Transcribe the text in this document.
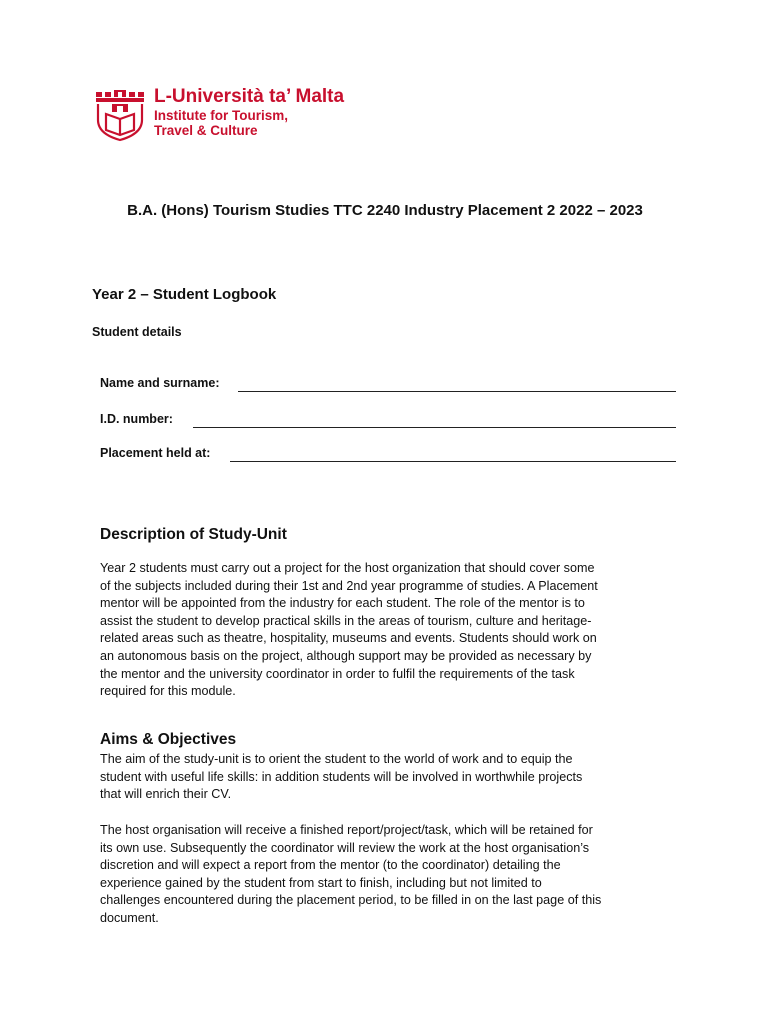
L-Università ta’ Malta
Institute for Tourism,
Travel & Culture
B.A. (Hons) Tourism Studies TTC 2240 Industry Placement 2 2022 – 2023
Year 2 – Student Logbook
Student details
Name and surname:
I.D. number:
Placement held at:
Description of Study-Unit
Year 2 students must carry out a project for the host organization that should cover some
of the subjects included during their 1st and 2nd year programme of studies. A Placement
mentor will be appointed from the industry for each student. The role of the mentor is to
assist the student to develop practical skills in the areas of tourism, culture and heritage-
related areas such as theatre, hospitality, museums and events. Students should work on
an autonomous basis on the project, although support may be provided as necessary by
the mentor and the university coordinator in order to fulfil the requirements of the task
required for this module.
Aims & Objectives
The aim of the study-unit is to orient the student to the world of work and to equip the
student with useful life skills: in addition students will be involved in worthwhile projects
that will enrich their CV.
The host organisation will receive a finished report/project/task, which will be retained for
its own use. Subsequently the coordinator will review the work at the host organisation’s
discretion and will expect a report from the mentor (to the coordinator) detailing the
experience gained by the student from start to finish, including but not limited to
challenges encountered during the placement period, to be filled in on the last page of this
document.
